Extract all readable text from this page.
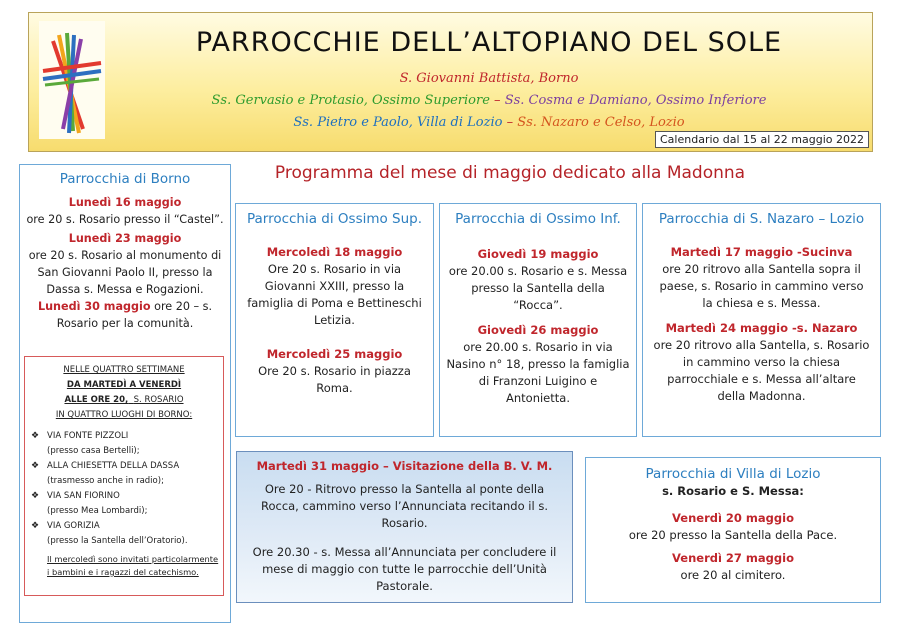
PARROCCHIE DELL’ALTOPIANO DEL SOLE
S. Giovanni Battista, Borno
Ss. Gervasio e Protasio, Ossimo Superiore – Ss. Cosma e Damiano, Ossimo Inferiore
Ss. Pietro e Paolo, Villa di Lozio – Ss. Nazaro e Celso, Lozio
Calendario dal 15 al 22 maggio 2022
Programma del mese di maggio dedicato alla Madonna
Parrocchia di Borno
Lunedì 16 maggio
ore 20 s. Rosario presso il “Castel”.
Lunedì 23 maggio
ore 20 s. Rosario al monumento di San Giovanni Paolo II, presso la Dassa s. Messa e Rogazioni. Lunedì 30 maggio ore 20 – s. Rosario per la comunità.
NELLE QUATTRO SETTIMANE
DA MARTEDÌ A VENERDÌ
ALLE ORE 20, S. ROSARIO
IN QUATTRO LUOGHI DI BORNO:
❖ VIA FONTE PIZZOLI
(presso casa Bertelli);
❖ ALLA CHIESETTA DELLA DASSA
(trasmesso anche in radio);
❖ VIA SAN FIORINO
(presso Mea Lombardi);
❖ VIA GORIZIA
(presso la Santella dell’Oratorio).
Il mercoledì sono invitati particolarmente i bambini e i ragazzi del catechismo.
Parrocchia di Ossimo Sup.
Mercoledì 18 maggio
Ore 20 s. Rosario in via Giovanni XXIII, presso la famiglia di Poma e Bettineschi Letizia.
Mercoledì 25 maggio
Ore 20 s. Rosario in piazza Roma.
Parrocchia di Ossimo Inf.
Giovedì 19 maggio
ore 20.00 s. Rosario e s. Messa presso la Santella della “Rocca”.
Giovedì 26 maggio
ore 20.00 s. Rosario in via Nasino n° 18, presso la famiglia di Franzoni Luigino e Antonietta.
Parrocchia di S. Nazaro – Lozio
Martedì 17 maggio -Sucinva
ore 20 ritrovo alla Santella sopra il paese, s. Rosario in cammino verso la chiesa e s. Messa.
Martedì 24 maggio -s. Nazaro
ore 20 ritrovo alla Santella, s. Rosario in cammino verso la chiesa parrocchiale e s. Messa all’altare della Madonna.
Martedì 31 maggio – Visitazione della B. V. M.
Ore 20 - Ritrovo presso la Santella al ponte della Rocca, cammino verso l’Annunciata recitando il s. Rosario.
Ore 20.30 - s. Messa all’Annunciata per concludere il mese di maggio con tutte le parrocchie dell’Unità Pastorale.
Parrocchia di Villa di Lozio
s. Rosario e S. Messa:
Venerdì 20 maggio
ore 20 presso la Santella della Pace.
Venerdì 27 maggio
ore 20 al cimitero.
